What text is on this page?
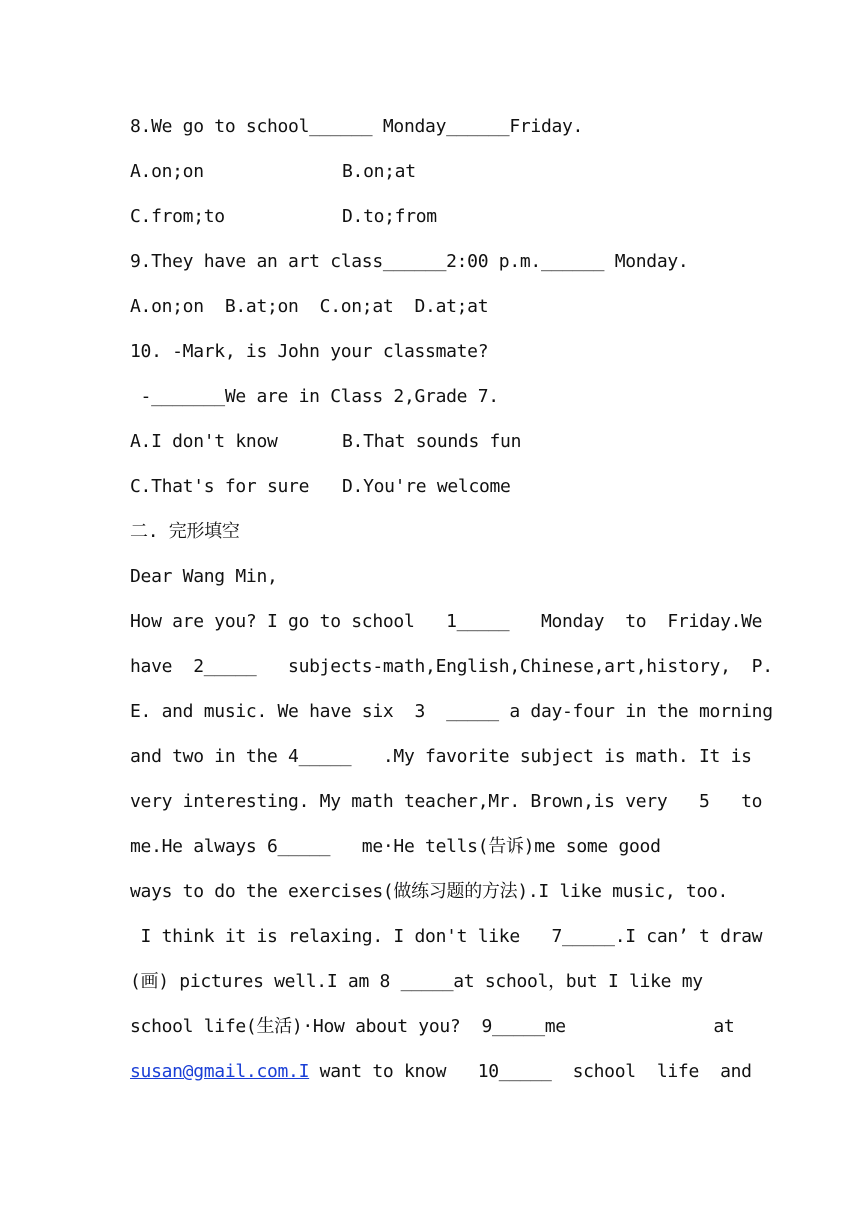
8.We go to school______ Monday______Friday.
A.on;on	B.on;at
C.from;to	D.to;from
9.They have an art class______2:00 p.m.______ Monday.
A.on;on  B.at;on  C.on;at  D.at;at
10. -Mark, is John your classmate?
-_______We are in Class 2,Grade 7.
A.I don't know	B.That sounds fun
C.That's for sure D.You're welcome
二. 完形填空
Dear Wang Min,
How are you? I go to school   1_____   Monday  to  Friday.We
have  2_____   subjects-math,English,Chinese,art,history,  P.
E. and music. We have six  3  _____ a day-four in the morning
and two in the 4_____   .My favorite subject is math. It is
very interesting. My math teacher,Mr. Brown,is very   5   to
me.He always 6_____   me·He tells(告诉)me some good
ways to do the exercises(做练习题的方法).I like music, too.
I think it is relaxing. I don't like   7_____.I can’ t draw
(画) pictures well.I am 8 _____at school，but I like my
school life(生活)·How about you?  9_____me              at
susan@gmail.com.I want to know   10_____  school  life  and
